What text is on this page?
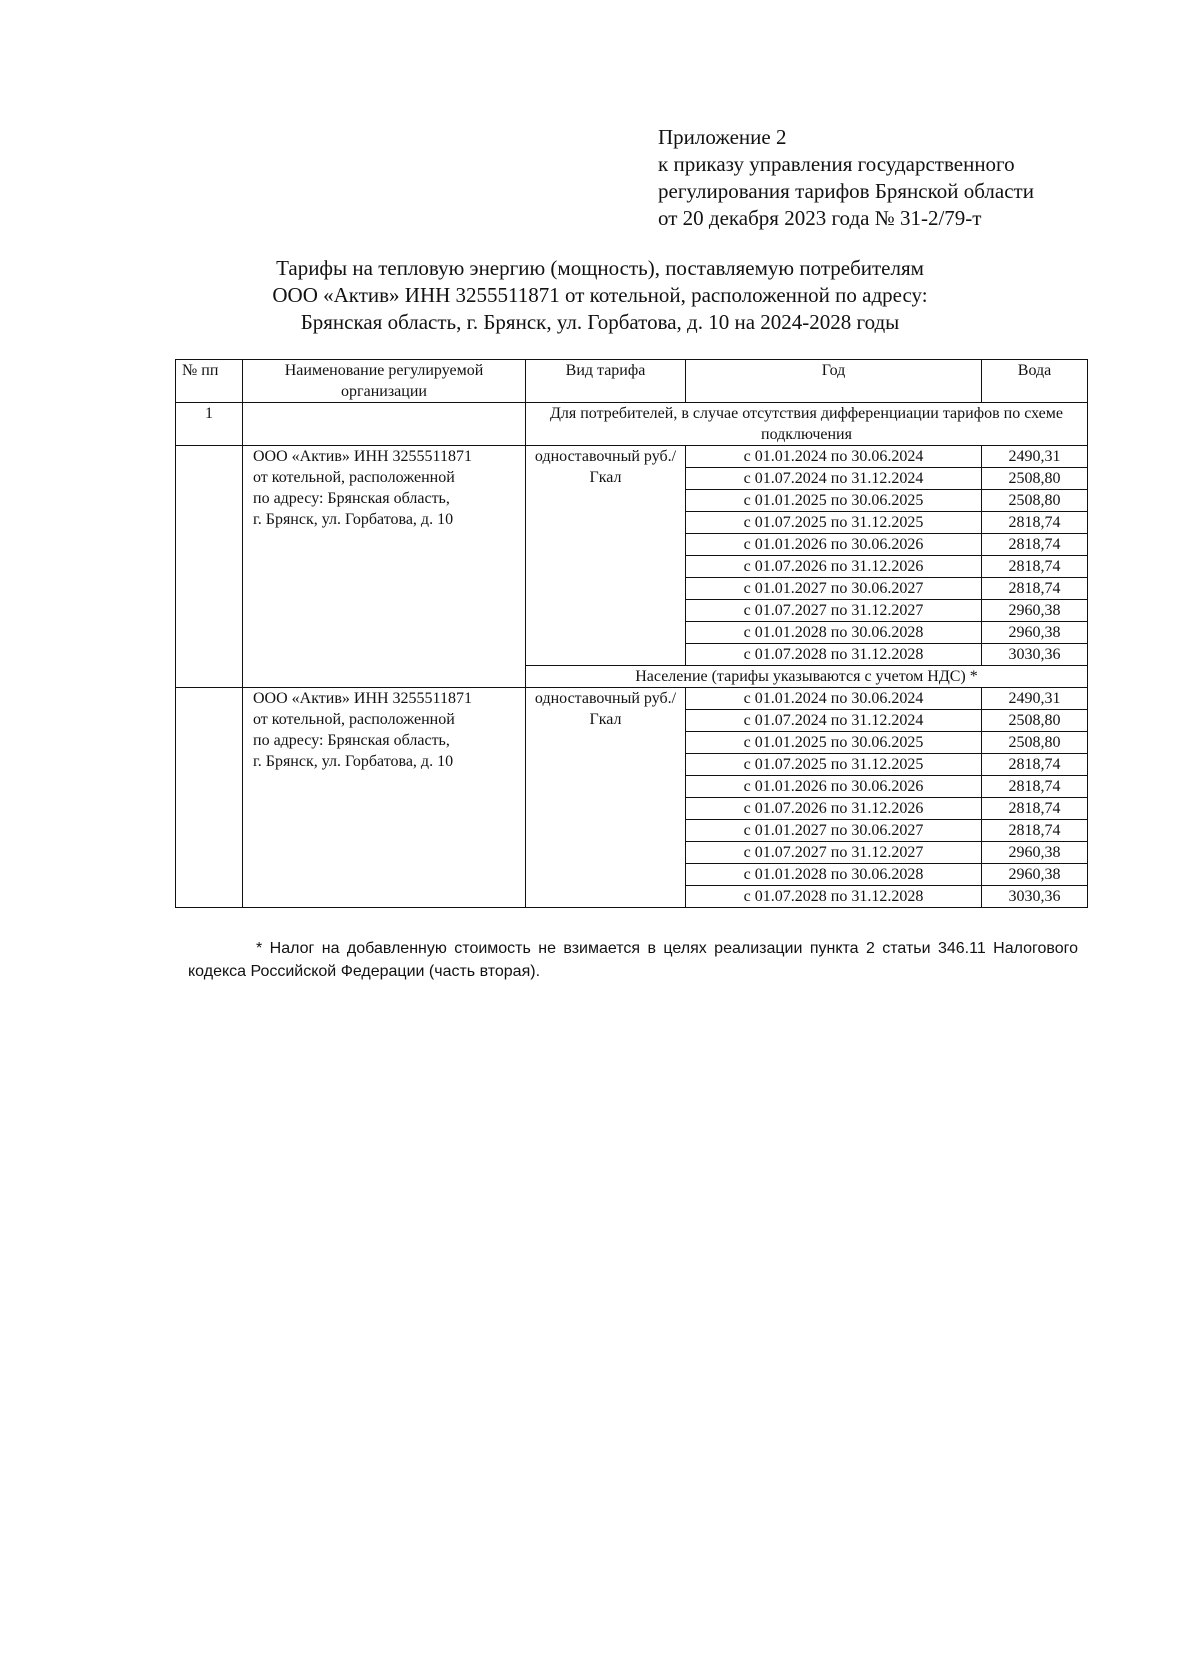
Приложение 2
к приказу управления государственного
регулирования тарифов Брянской области
от 20 декабря 2023 года № 31-2/79-т
Тарифы на тепловую энергию (мощность), поставляемую потребителям
ООО «Актив» ИНН 3255511871 от котельной, расположенной по адресу:
Брянская область, г. Брянск, ул. Горбатова, д. 10 на 2024-2028 годы
№ пп	Наименование регулируемой организации	Вид тарифа	Год	Вода
1		Для потребителей, в случае отсутствия дифференциации тарифов по схеме подключения		
	ООО «Актив» ИНН 3255511871
от котельной, расположенной
по адресу: Брянская область,
г. Брянск, ул. Горбатова, д. 10	одноставочный руб./Гкал	с 01.01.2024 по 30.06.2024	2490,31
			с 01.07.2024 по 31.12.2024	2508,80
			с 01.01.2025 по 30.06.2025	2508,80
			с 01.07.2025 по 31.12.2025	2818,74
			с 01.01.2026 по 30.06.2026	2818,74
			с 01.07.2026 по 31.12.2026	2818,74
			с 01.01.2027 по 30.06.2027	2818,74
			с 01.07.2027 по 31.12.2027	2960,38
			с 01.01.2028 по 30.06.2028	2960,38
			с 01.07.2028 по 31.12.2028	3030,36
		Население (тарифы указываются с учетом НДС) *		
	ООО «Актив» ИНН 3255511871
от котельной, расположенной
по адресу: Брянская область,
г. Брянск, ул. Горбатова, д. 10	одноставочный руб./Гкал	с 01.01.2024 по 30.06.2024	2490,31
			с 01.07.2024 по 31.12.2024	2508,80
			с 01.01.2025 по 30.06.2025	2508,80
			с 01.07.2025 по 31.12.2025	2818,74
			с 01.01.2026 по 30.06.2026	2818,74
			с 01.07.2026 по 31.12.2026	2818,74
			с 01.01.2027 по 30.06.2027	2818,74
			с 01.07.2027 по 31.12.2027	2960,38
			с 01.01.2028 по 30.06.2028	2960,38
			с 01.07.2028 по 31.12.2028	3030,36
* Налог на добавленную стоимость не взимается в целях реализации пункта 2 статьи 346.11 Налогового кодекса Российской Федерации (часть вторая).
